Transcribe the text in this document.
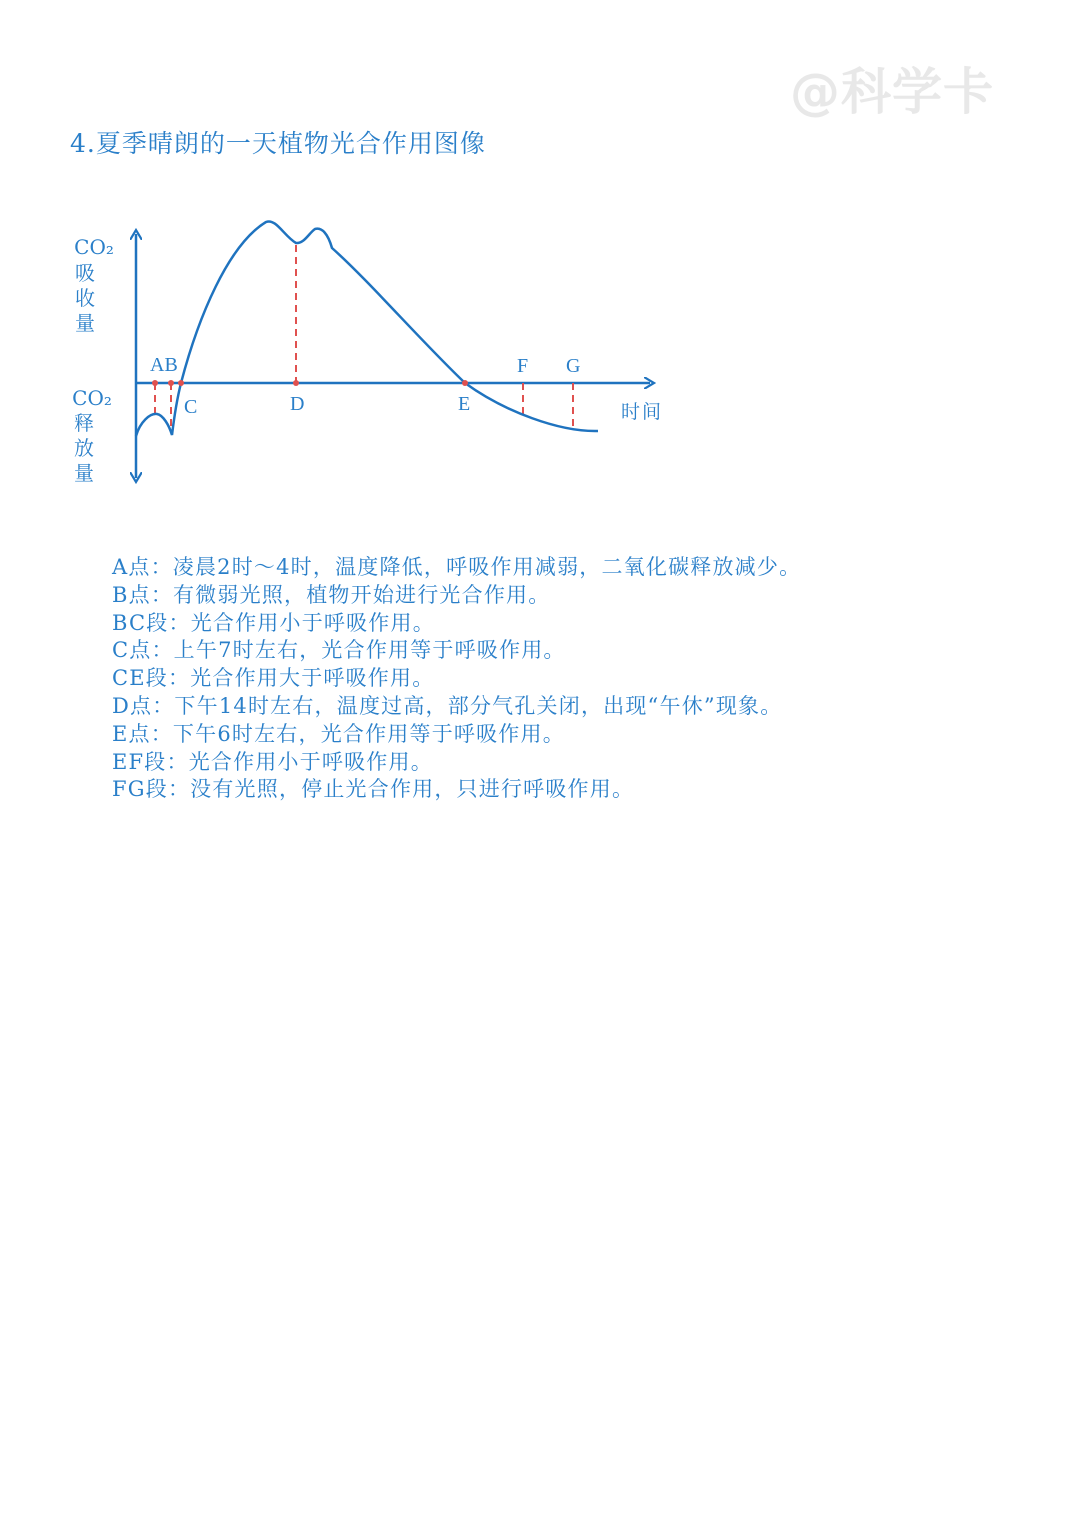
@科学卡
4.夏季晴朗的一天植物光合作用图像
AB
C	D	E
F G
时间
CO₂
吸
收
量
CO₂
释
放
量
A点：凌晨2时～4时，温度降低，呼吸作用减弱，二氧化碳释放减少。
B点：有微弱光照，植物开始进行光合作用。
BC段：光合作用小于呼吸作用。
C点：上午7时左右，光合作用等于呼吸作用。
CE段：光合作用大于呼吸作用。
D点：下午14时左右，温度过高，部分气孔关闭，出现“午休”现象。
E点：下午6时左右，光合作用等于呼吸作用。
EF段：光合作用小于呼吸作用。
FG段：没有光照，停止光合作用，只进行呼吸作用。
